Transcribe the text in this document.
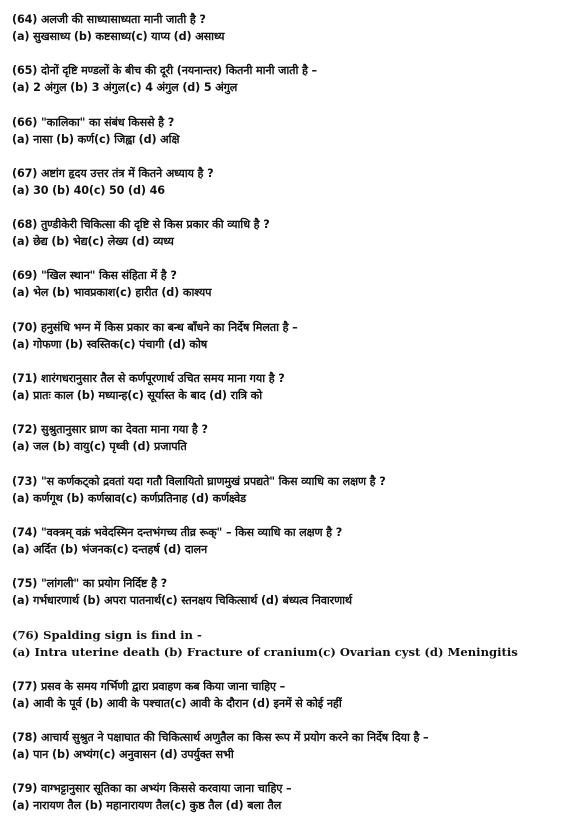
(64) अलजी की साध्यासाध्यता मानी जाती है ?
(a) सुखसाध्य (b) कष्टसाध्य(c) याप्य (d) असाध्य
(65) दोनों दृष्टि मण्डलों के बीच की दूरी (नयनान्तर) कितनी मानी जाती है –
(a) 2 अंगुल (b) 3 अंगुल(c) 4 अंगुल (d) 5 अंगुल
(66) "कालिका" का संबंध किससे है ?
(a) नासा (b) कर्ण(c) जिह्वा (d) अक्षि
(67) अष्टांग हृदय उत्तर तंत्र में कितने अध्याय है ?
(a) 30 (b) 40(c) 50 (d) 46
(68) तुण्डीकेरी चिकित्सा की दृष्टि से किस प्रकार की व्याधि है ?
(a) छेद्य (b) भेद्य(c) लेख्य (d) व्यध्य
(69) "खिल स्थान" किस संहिता में है ?
(a) भेल (b) भावप्रकाश(c) हारीत (d) काश्यप
(70) हनुसंधि भग्न में किस प्रकार का बन्ध बाँधने का निर्देष मिलता है –
(a) गोफणा (b) स्वस्तिक(c) पंचागी (d) कोष
(71) शारंगधरानुसार तैल से कर्णपूरणार्थ उचित समय माना गया है ?
(a) प्रातः काल (b) मध्यान्ह(c) सूर्यास्त के बाद (d) रात्रि को
(72) सुश्रुतानुसार घ्राण का देवता माना गया है ?
(a) जल (b) वायु(c) पृथ्वी (d) प्रजापति
(73) "स कर्णकट्को द्रवतां यदा गतौ विलायितो घ्राणमुखं प्रपद्यते" किस व्याधि का लक्षण है ?
(a) कर्णगूथ (b) कर्णस्राव(c) कर्णप्रतिनाह (d) कर्णक्ष्वेड
(74) "वक्त्रम् वक्रं भवेदस्मिन दन्तभंगच्य तीव्र रूक्" – किस व्याधि का लक्षण है ?
(a) अर्दित (b) भंजनक(c) दन्तहर्ष (d) दालन
(75) "लांगली" का प्रयोग निर्दिष्ट है ?
(a) गर्भधारणार्थ (b) अपरा पातनार्थ(c) स्तनक्षय चिकित्सार्थ (d) बंध्यत्व निवारणार्थ
(76) Spalding sign is find in -
(a) Intra uterine death (b) Fracture of cranium(c) Ovarian cyst (d) Meningitis
(77) प्रसव के समय गर्भिणी द्वारा प्रवाहण कब किया जाना चाहिए –
(a) आवी के पूर्व (b) आवी के पश्चात(c) आवी के दौरान (d) इनमें से कोई नहीं
(78) आचार्य सुश्रुत ने पक्षाघात की चिकित्सार्थ अणुतैल का किस रूप में प्रयोग करने का निर्देष दिया है –
(a) पान (b) अभ्यंग(c) अनुवासन (d) उपर्युक्त सभी
(79) वाग्भट्टानुसार सूतिका का अभ्यंग किससे करवाया जाना चाहिए –
(a) नारायण तैल (b) महानारायण तैल(c) कुष्ठ तैल (d) बला तैल
